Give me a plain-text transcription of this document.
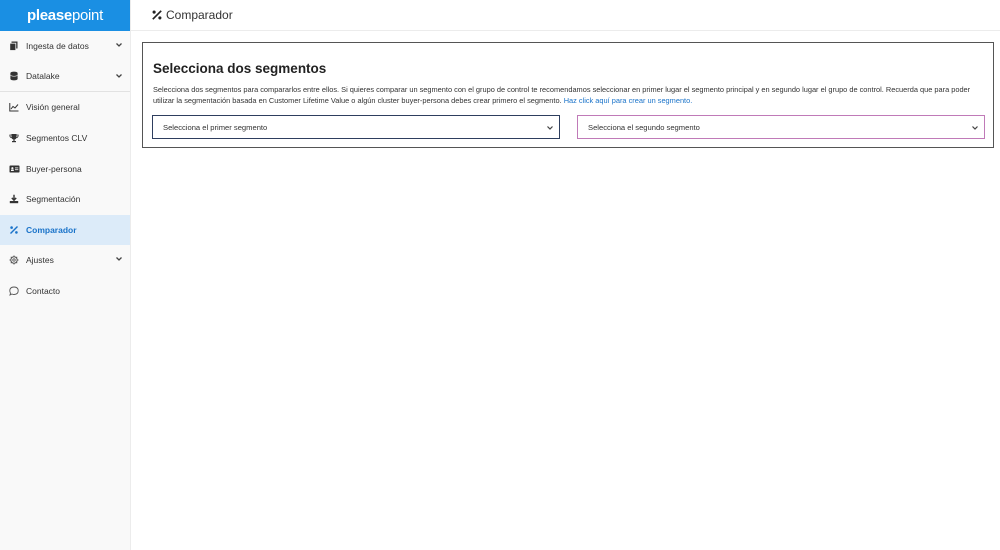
pleasepoint
Ingesta de datos
Datalake
Visión general
Segmentos CLV
Buyer-persona
Segmentación
Comparador
Ajustes
Contacto
Comparador
Selecciona dos segmentos

Selecciona dos segmentos para compararlos entre ellos. Si quieres comparar un segmento con el grupo de control te recomendamos seleccionar en primer lugar el segmento principal y en segundo lugar el grupo de control. Recuerda que para poder utilizar la segmentación basada en Customer Lifetime Value o algún cluster buyer-persona debes crear primero el segmento. Haz click aquí para crear un segmento.

Selecciona el primer segmento	Selecciona el segundo segmento
